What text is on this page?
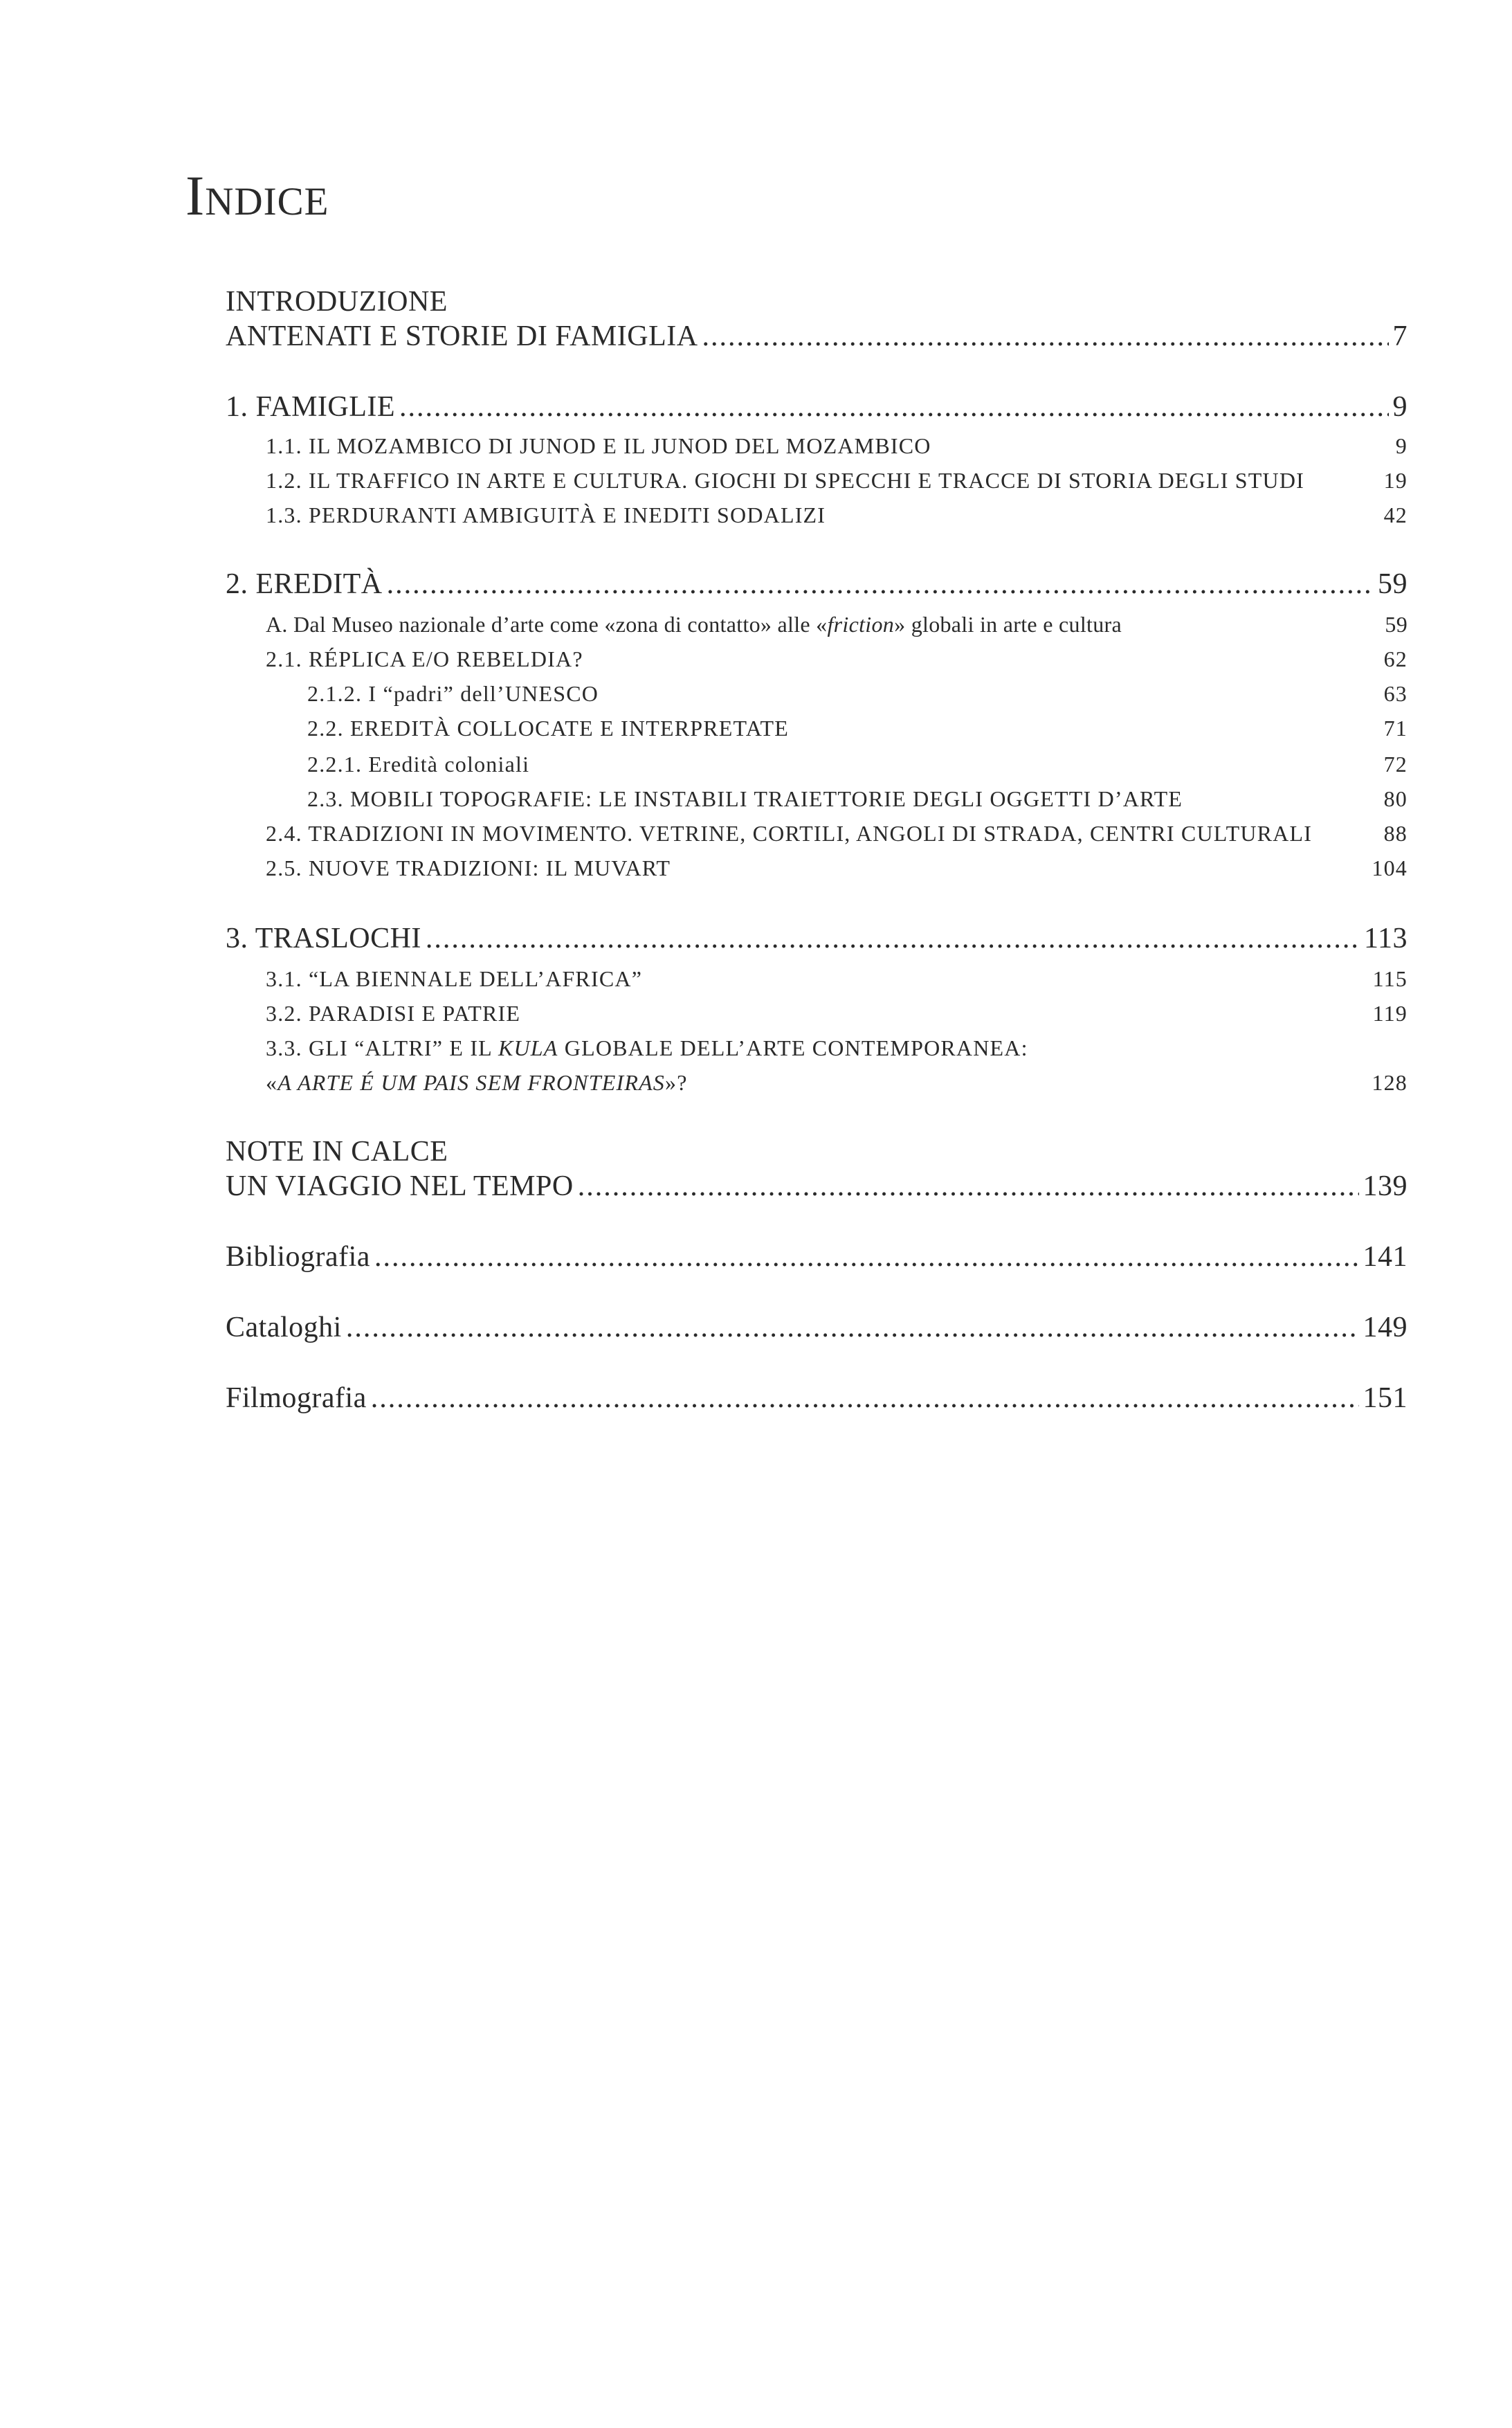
Indice
INTRODUZIONE
ANTENATI E STORIE DI FAMIGLIA .....	7
1. FAMIGLIE .....	9
1.1. IL MOZAMBICO DI JUNOD E IL JUNOD DEL MOZAMBICO	9
1.2. IL TRAFFICO IN ARTE E CULTURA. GIOCHI DI SPECCHI E TRACCE DI STORIA DEGLI STUDI	19
1.3. PERDURANTI AMBIGUITÀ E INEDITI SODALIZI	42
2. EREDITÀ .....	59
A. Dal Museo nazionale d’arte come «zona di contatto» alle «friction» globali in arte e cultura	59
2.1. RÉPLICA E/O REBELDIA?	62
2.1.2. I “padri” dell’UNESCO	63
2.2. EREDITÀ COLLOCATE E INTERPRETATE	71
2.2.1. Eredità coloniali	72
2.3. MOBILI TOPOGRAFIE: LE INSTABILI TRAIETTORIE DEGLI OGGETTI D’ARTE	80
2.4. TRADIZIONI IN MOVIMENTO. VETRINE, CORTILI, ANGOLI DI STRADA, CENTRI CULTURALI	88
2.5. NUOVE TRADIZIONI: IL MUVART	104
3. TRASLOCHI .....	113
3.1. “LA BIENNALE DELL’AFRICA”	115
3.2. PARADISI E PATRIE	119
3.3. GLI “ALTRI” E IL KULA GLOBALE DELL’ARTE CONTEMPORANEA:
«A ARTE É UM PAIS SEM FRONTEIRAS»?	128
NOTE IN CALCE
UN VIAGGIO NEL TEMPO .....	139
Bibliografia .....	141
Cataloghi .....	149
Filmografia .....	151
